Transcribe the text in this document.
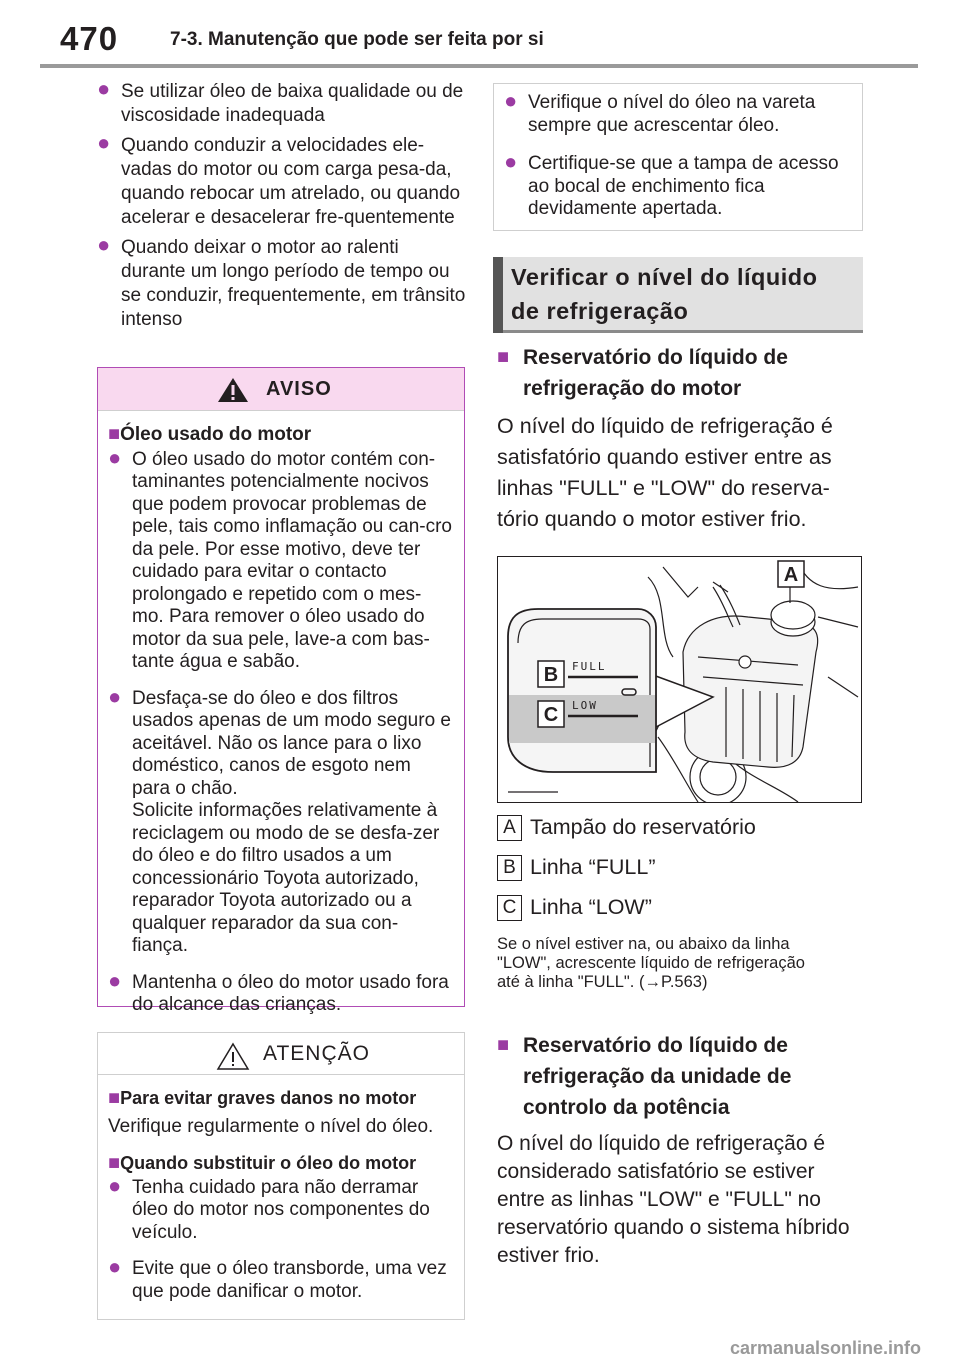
470	7-3. Manutenção que pode ser feita por si
● Se utilizar óleo de baixa qualidade ou de viscosidade inadequada
● Quando conduzir a velocidades ele-vadas do motor ou com carga pesa-da, quando rebocar um atrelado, ou quando acelerar e desacelerar fre-quentemente
● Quando deixar o motor ao ralenti durante um longo período de tempo ou se conduzir, frequentemente, em trânsito intenso
AVISO
■Óleo usado do motor
● O óleo usado do motor contém con-taminantes potencialmente nocivos que podem provocar problemas de pele, tais como inflamação ou can-cro da pele. Por esse motivo, deve ter cuidado para evitar o contacto prolongado e repetido com o mes-mo. Para remover o óleo usado do motor da sua pele, lave-a com bas-tante água e sabão.
● Desfaça-se do óleo e dos filtros usados apenas de um modo seguro e aceitável. Não os lance para o lixo doméstico, canos de esgoto nem para o chão.
Solicite informações relativamente à reciclagem ou modo de se desfa-zer do óleo e do filtro usados a um concessionário Toyota autorizado, reparador Toyota autorizado ou a qualquer reparador da sua con-fiança.
● Mantenha o óleo do motor usado fora do alcance das crianças.
ATENÇÃO
■Para evitar graves danos no motor
Verifique regularmente o nível do óleo.
■Quando substituir o óleo do motor
● Tenha cuidado para não derramar óleo do motor nos componentes do veículo.
● Evite que o óleo transborde, uma vez que pode danificar o motor.
● Verifique o nível do óleo na vareta sempre que acrescentar óleo.
● Certifique-se que a tampa de acesso ao bocal de enchimento fica devidamente apertada.
Verificar o nível do líquido de refrigeração
■ Reservatório do líquido de refrigeração do motor
O nível do líquido de refrigeração é satisfatório quando estiver entre as linhas "FULL" e "LOW" do reserva-tório quando o motor estiver frio.
A
FULL
LOW
B
C
A Tampão do reservatório
B Linha “FULL”
C Linha “LOW”
Se o nível estiver na, ou abaixo da linha "LOW", acrescente líquido de refrigeração até à linha "FULL". (→P.563)
■ Reservatório do líquido de refrigeração da unidade de controlo da potência
O nível do líquido de refrigeração é considerado satisfatório se estiver entre as linhas "LOW" e "FULL" no reservatório quando o sistema híbrido estiver frio.
carmanualsonline.info
